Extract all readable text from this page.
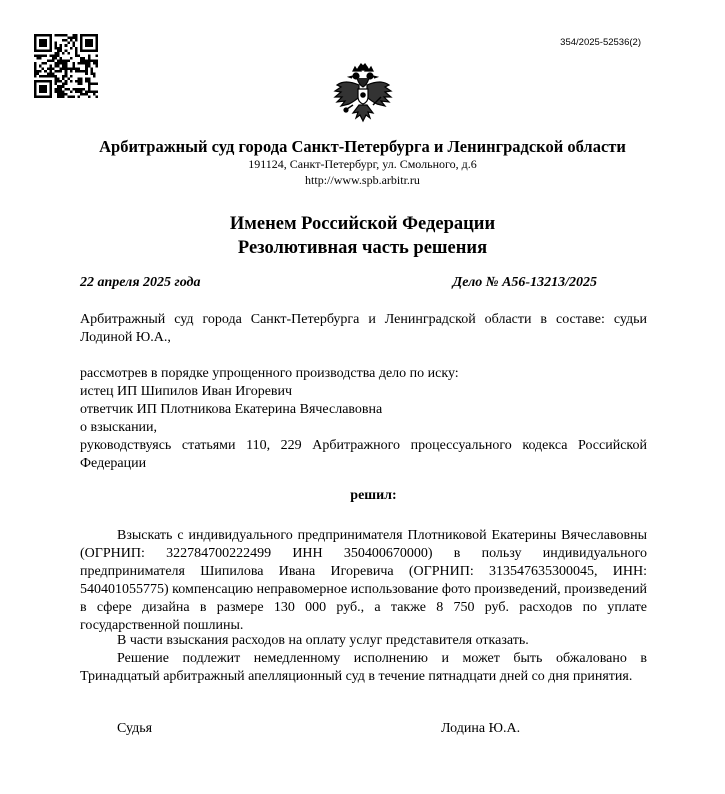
354/2025-52536(2)
Арбитражный суд города Санкт-Петербурга и Ленинградской области
191124, Санкт-Петербург, ул. Смольного, д.6
http://www.spb.arbitr.ru
Именем Российской Федерации
Резолютивная часть решения
22 апреля 2025 года	Дело № А56-13213/2025
Арбитражный суд города Санкт-Петербурга и Ленинградской области в составе: судьи Лодиной Ю.А.,
рассмотрев в порядке упрощенного производства дело по иску:
истец ИП Шипилов Иван Игоревич
ответчик ИП Плотникова Екатерина Вячеславовна
о взыскании,
руководствуясь статьями 110, 229 Арбитражного процессуального кодекса Российской Федерации
решил:
Взыскать с индивидуального предпринимателя Плотниковой Екатерины Вячеславовны (ОГРНИП: 322784700222499 ИНН 350400670000) в пользу индивидуального предпринимателя Шипилова Ивана Игоревича (ОГРНИП: 313547635300045, ИНН: 540401055775) компенсацию неправомерное использование фото произведений, произведений в сфере дизайна в размере 130 000 руб., а также 8 750 руб. расходов по уплате государственной пошлины.
В части взыскания расходов на оплату услуг представителя отказать.
Решение подлежит немедленному исполнению и может быть обжаловано в Тринадцатый арбитражный апелляционный суд в течение пятнадцати дней со дня принятия.
Судья	Лодина Ю.А.
